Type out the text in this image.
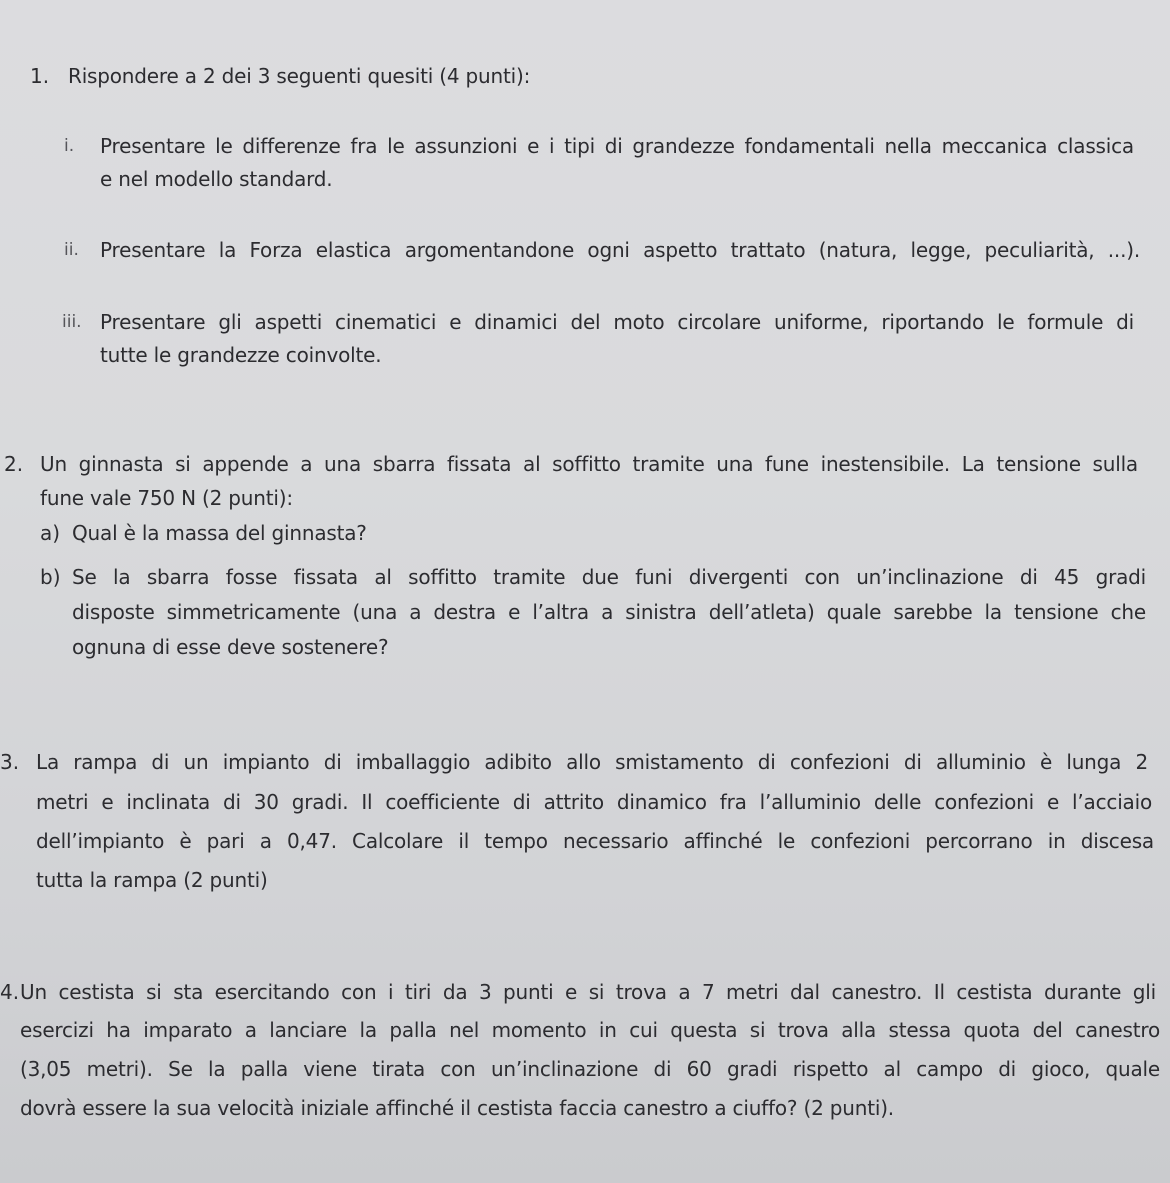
1. Rispondere a 2 dei 3 seguenti quesiti (4 punti):
i. Presentare le differenze fra le assunzioni e i tipi di grandezze fondamentali nella meccanica classica
e nel modello standard.
ii. Presentare la Forza elastica argomentandone ogni aspetto trattato (natura, legge, peculiarità, ...).
iii. Presentare gli aspetti cinematici e dinamici del moto circolare uniforme, riportando le formule di
tutte le grandezze coinvolte.
2. Un ginnasta si appende a una sbarra fissata al soffitto tramite una fune inestensibile. La tensione sulla
fune vale 750 N (2 punti):
a) Qual è la massa del ginnasta?
b) Se la sbarra fosse fissata al soffitto tramite due funi divergenti con un’inclinazione di 45 gradi
disposte simmetricamente (una a destra e l’altra a sinistra dell’atleta) quale sarebbe la tensione che
ognuna di esse deve sostenere?
3. La rampa di un impianto di imballaggio adibito allo smistamento di confezioni di alluminio è lunga 2
metri e inclinata di 30 gradi. Il coefficiente di attrito dinamico fra l’alluminio delle confezioni e l’acciaio
dell’impianto è pari a 0,47. Calcolare il tempo necessario affinché le confezioni percorrano in discesa
tutta la rampa (2 punti)
4. Un cestista si sta esercitando con i tiri da 3 punti e si trova a 7 metri dal canestro. Il cestista durante gli
esercizi ha imparato a lanciare la palla nel momento in cui questa si trova alla stessa quota del canestro
(3,05 metri). Se la palla viene tirata con un’inclinazione di 60 gradi rispetto al campo di gioco, quale
dovrà essere la sua velocità iniziale affinché il cestista faccia canestro a ciuffo? (2 punti).
